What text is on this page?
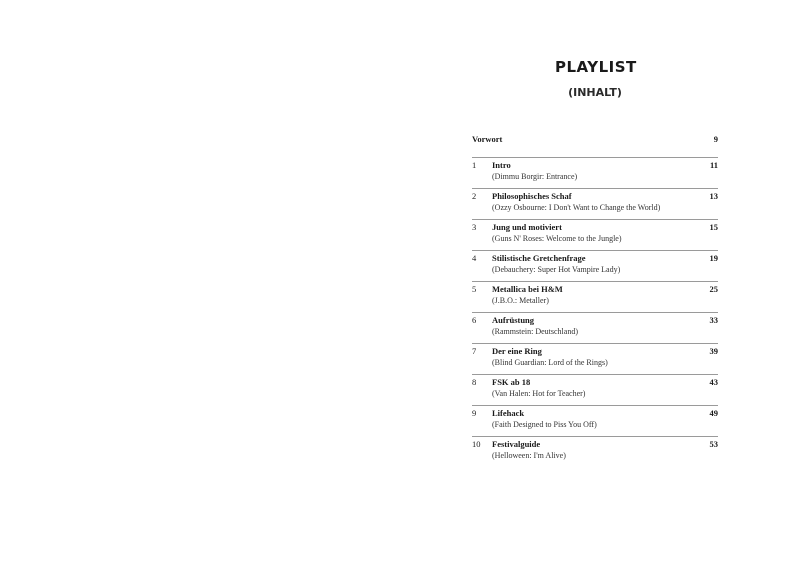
PLAYLIST
(INHALT)
Vorwort	9
1	Intro	11
(Dimmu Borgir: Entrance)
2	Philosophisches Schaf	13
(Ozzy Osbourne: I Don't Want to Change the World)
3	Jung und motiviert	15
(Guns N' Roses: Welcome to the Jungle)
4	Stilistische Gretchenfrage	19
(Debauchery: Super Hot Vampire Lady)
5	Metallica bei H&M	25
(J.B.O.: Metaller)
6	Aufrüstung	33
(Rammstein: Deutschland)
7	Der eine Ring	39
(Blind Guardian: Lord of the Rings)
8	FSK ab 18	43
(Van Halen: Hot for Teacher)
9	Lifehack	49
(Faith Designed to Piss You Off)
10	Festivalguide	53
(Helloween: I'm Alive)
